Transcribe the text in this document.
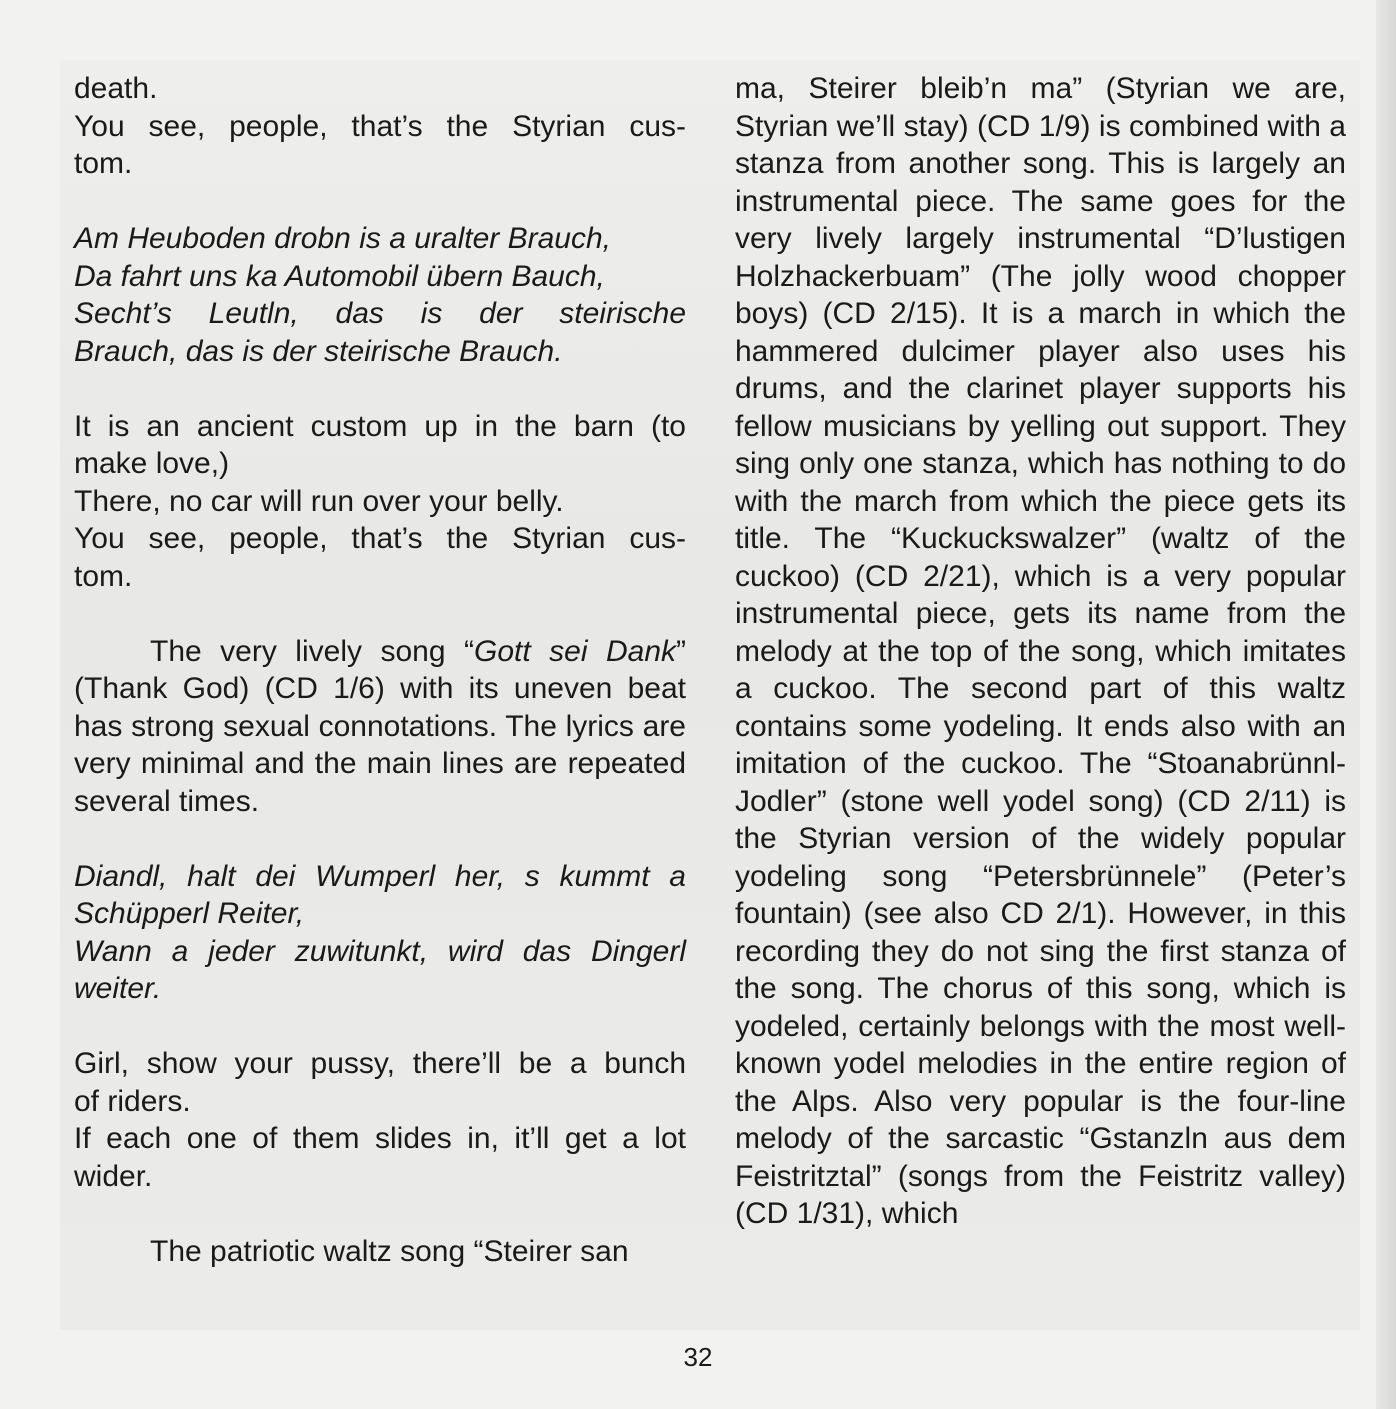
death.

You see, people, that’s the Styrian cus-

tom.

Am Heuboden drobn is a uralter Brauch,

Da fahrt uns ka Automobil übern Bauch,

Secht’s Leutln, das is der steirische

Brauch, das is der steirische Brauch.

It is an ancient custom up in the barn (to

make love,)

There, no car will run over your belly.

You see, people, that’s the Styrian cus-

tom.

The very lively song “Gott sei Dank” (Thank God) (CD 1/6) with its uneven beat has strong sexual connotations. The lyrics are very minimal and the main lines are repeated several times.

Diandl, halt dei Wumperl her, s kummt a

Schüpperl Reiter,

Wann a jeder zuwitunkt, wird das Dingerl

weiter.

Girl, show your pussy, there’ll be a bunch

of riders.

If each one of them slides in, it’ll get a lot

wider.

The patriotic waltz song “Steirer san

ma, Steirer bleib’n ma” (Styrian we are, Styrian we’ll stay) (CD 1/9) is combined with a stanza from another song. This is largely an instrumental piece. The same goes for the very lively largely instrumental “D’lustigen Holzhackerbuam” (The jolly wood chopper boys) (CD 2/15). It is a march in which the hammered dulcimer player also uses his drums, and the clarinet player supports his fellow musicians by yelling out support. They sing only one stanza, which has nothing to do with the march from which the piece gets its title. The “Kuckuckswalzer” (waltz of the cuckoo) (CD 2/21), which is a very popular instrumental piece, gets its name from the melody at the top of the song, which imitates a cuckoo. The second part of this waltz contains some yodeling. It ends also with an imitation of the cuckoo. The “Stoanabrünnl-Jodler” (stone well yodel song) (CD 2/11) is the Styrian version of the widely popular yodeling song “Petersbrünnele” (Peter’s fountain) (see also CD 2/1). However, in this recording they do not sing the first stanza of the song. The chorus of this song, which is yodeled, certainly belongs with the most well-known yodel melodies in the entire region of the Alps. Also very popular is the four-line melody of the sarcastic “Gstanzln aus dem Feistritztal” (songs from the Feistritz valley) (CD 1/31), which

32
